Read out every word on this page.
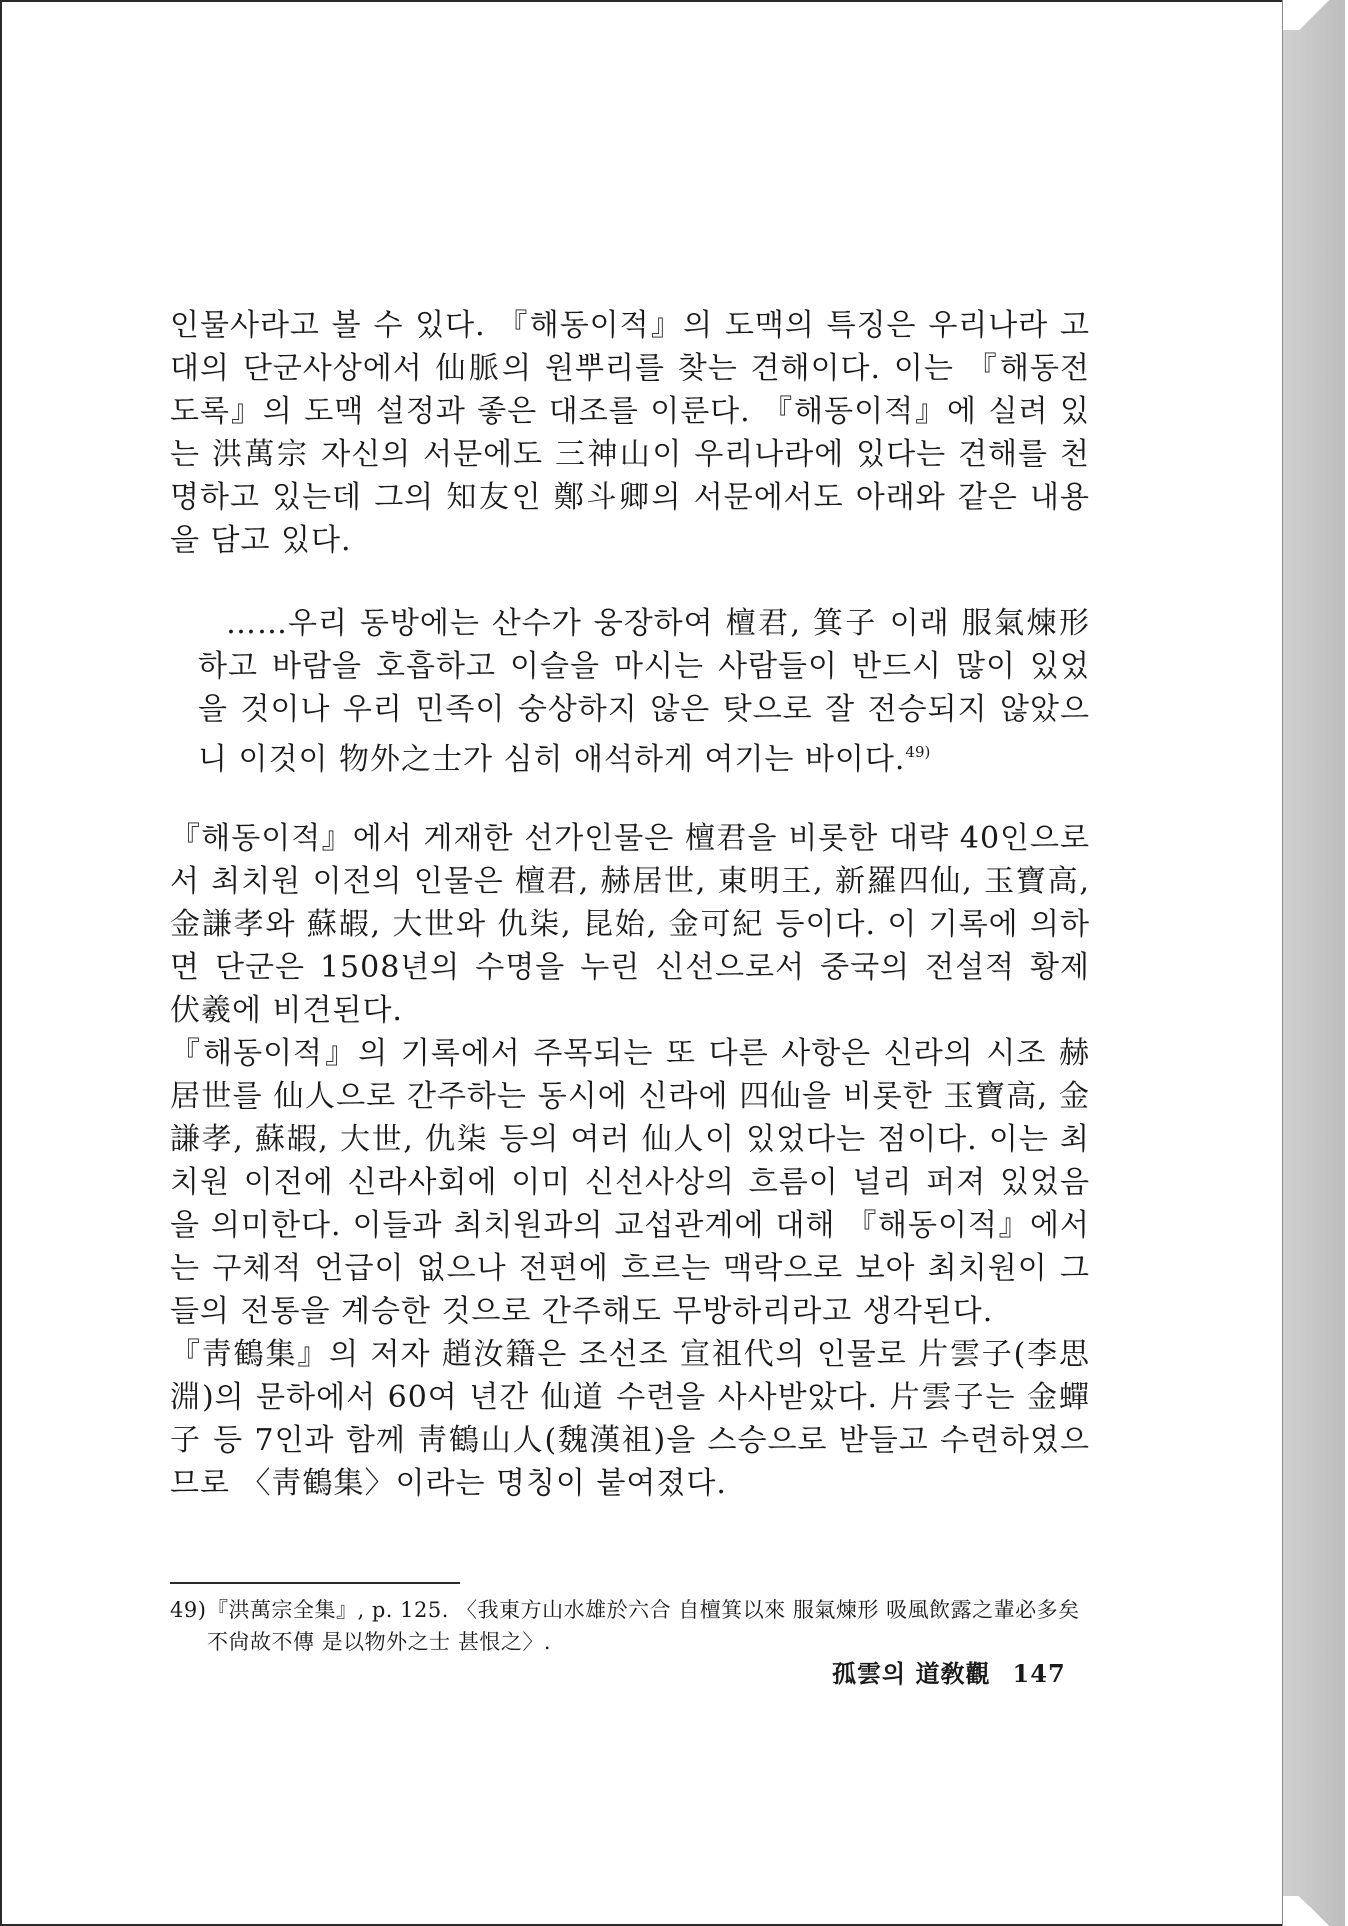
인물사라고 볼 수 있다. 『해동이적』의 도맥의 특징은 우리나라 고대의 단군사상에서 仙脈의 원뿌리를 찾는 견해이다. 이는 『해동전도록』의 도맥 설정과 좋은 대조를 이룬다. 『해동이적』에 실려 있는 洪萬宗 자신의 서문에도 三神山이 우리나라에 있다는 견해를 천명하고 있는데 그의 知友인 鄭斗卿의 서문에서도 아래와 같은 내용을 담고 있다.

……우리 동방에는 산수가 웅장하여 檀君, 箕子 이래 服氣煉形하고 바람을 호흡하고 이슬을 마시는 사람들이 반드시 많이 있었을 것이나 우리 민족이 숭상하지 않은 탓으로 잘 전승되지 않았으니 이것이 物外之士가 심히 애석하게 여기는 바이다.$^{49)}$

『해동이적』에서 게재한 선가인물은 檀君을 비롯한 대략 40인으로서 최치원 이전의 인물은 檀君, 赫居世, 東明王, 新羅四仙, 玉寶高, 金謙孝와 蘇嘏, 大世와 仇柒, 昆始, 金可紀 등이다. 이 기록에 의하면 단군은 1508년의 수명을 누린 신선으로서 중국의 전설적 황제 伏羲에 비견된다.

『해동이적』의 기록에서 주목되는 또 다른 사항은 신라의 시조 赫居世를 仙人으로 간주하는 동시에 신라에 四仙을 비롯한 玉寶高, 金謙孝, 蘇嘏, 大世, 仇柒 등의 여러 仙人이 있었다는 점이다. 이는 최치원 이전에 신라사회에 이미 신선사상의 흐름이 널리 퍼져 있었음을 의미한다. 이들과 최치원과의 교섭관계에 대해 『해동이적』에서는 구체적 언급이 없으나 전편에 흐르는 맥락으로 보아 최치원이 그들의 전통을 계승한 것으로 간주해도 무방하리라고 생각된다.

『靑鶴集』의 저자 趙汝籍은 조선조 宣祖代의 인물로 片雲子(李思淵)의 문하에서 60여 년간 仙道 수련을 사사받았다. 片雲子는 金蟬子 등 7인과 함께 靑鶴山人(魏漢祖)을 스승으로 받들고 수련하였으므로 〈靑鶴集〉이라는 명칭이 붙여졌다.

49) 『洪萬宗全集』, p. 125. 〈我東方山水雄於六合 自檀箕以來 服氣煉形 吸風飲露之輩必多矣 不尙故不傳 是以物外之士 甚恨之〉.
孤雲의 道敎觀 147
